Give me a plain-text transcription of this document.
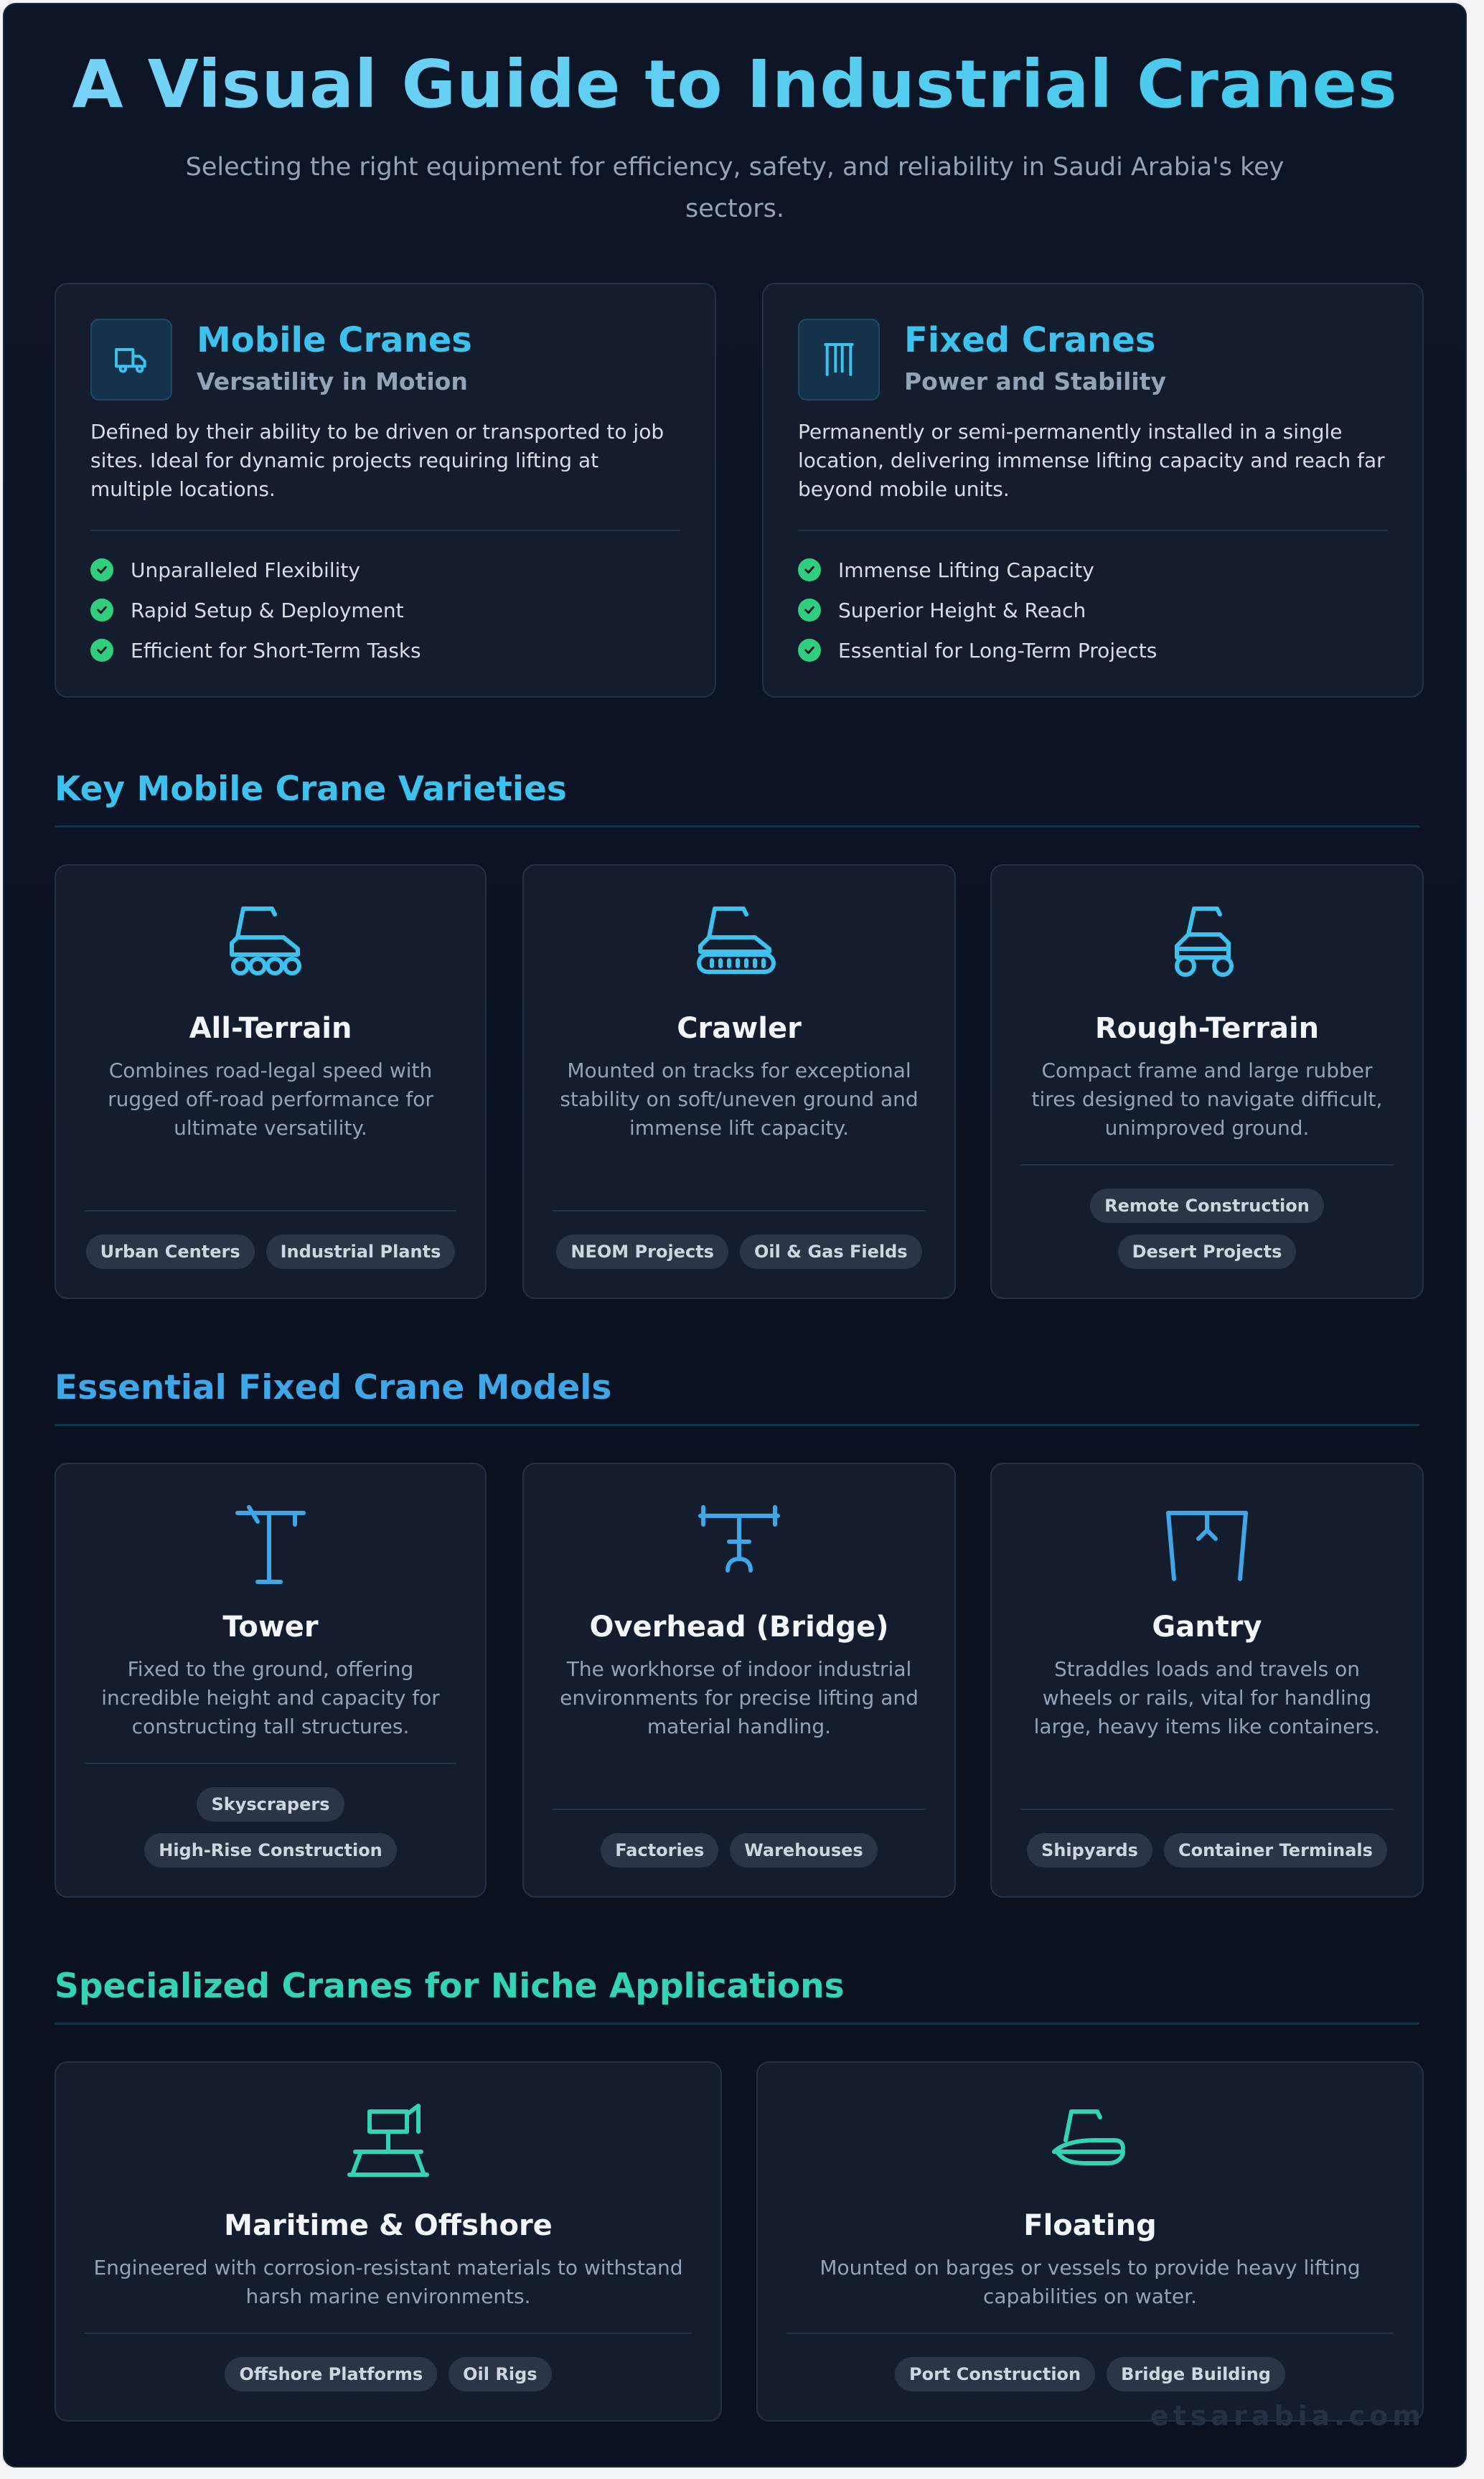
A Visual Guide to Industrial Cranes

Selecting the right equipment for efficiency, safety, and reliability in Saudi Arabia's key sectors.

Mobile Cranes
Versatility in Motion

Defined by their ability to be driven or transported to job sites. Ideal for dynamic projects requiring lifting at multiple locations.

Unparalleled Flexibility
Rapid Setup & Deployment
Efficient for Short-Term Tasks
Fixed Cranes
Power and Stability

Permanently or semi-permanently installed in a single location, delivering immense lifting capacity and reach far beyond mobile units.

Immense Lifting Capacity
Superior Height & Reach
Essential for Long-Term Projects
Key Mobile Crane Varieties
All-Terrain

Combines road-legal speed with rugged off-road performance for ultimate versatility.

Urban Centers	Industrial Plants
Crawler

Mounted on tracks for exceptional stability on soft/uneven ground and immense lift capacity.

NEOM Projects	Oil & Gas Fields
Rough-Terrain

Compact frame and large rubber tires designed to navigate difficult, unimproved ground.

Remote Construction
Desert Projects
Essential Fixed Crane Models
Tower

Fixed to the ground, offering incredible height and capacity for constructing tall structures.

Skyscrapers
High-Rise Construction
Overhead (Bridge)

The workhorse of indoor industrial environments for precise lifting and material handling.

Factories	Warehouses
Gantry

Straddles loads and travels on wheels or rails, vital for handling large, heavy items like containers.

Shipyards	Container Terminals
Specialized Cranes for Niche Applications
Maritime & Offshore

Engineered with corrosion-resistant materials to withstand harsh marine environments.

Offshore Platforms	Oil Rigs
Floating

Mounted on barges or vessels to provide heavy lifting capabilities on water.

Port Construction	Bridge Building
etsarabia.com
